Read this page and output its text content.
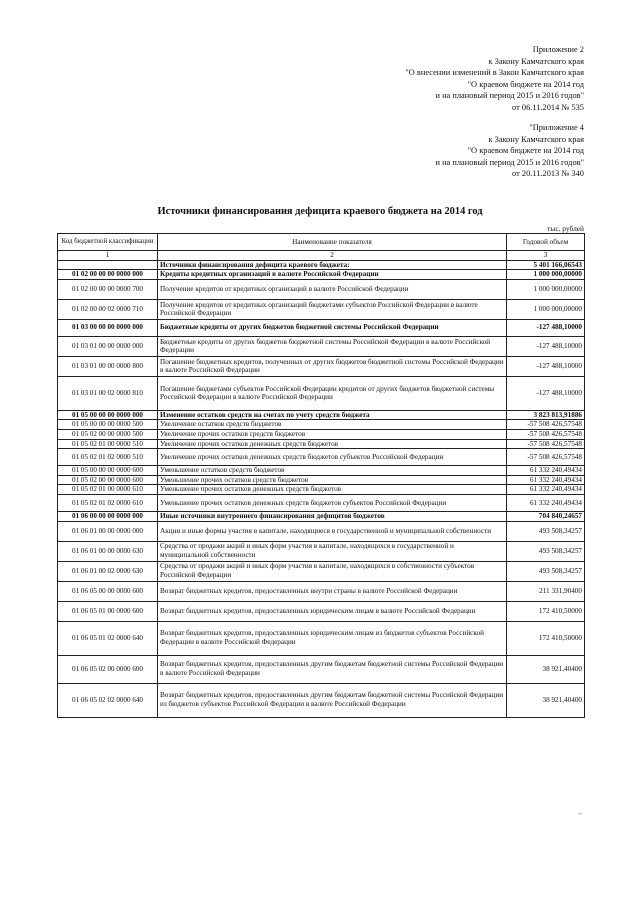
Приложение 2
к Закону Камчатского края
"О внесении изменений в Закон Камчатского края
"О краевом бюджете на 2014 год
и на плановый период 2015 и 2016 годов"
от 06.11.2014 № 535
"Приложение 4
к Закону Камчатского края
"О краевом бюджете на 2014 год
и на плановый период 2015 и 2016 годов"
от 20.11.2013 № 340
Источники финансирования дефицита краевого бюджета на 2014 год
тыс. рублей
Код бюджетной классификации	Наименование показателя	Годовой объем
1	2	3
	Источники финансирования дефицита краевого бюджета:	5 401 166,06543
01 02 00 00 00 0000 000	Кредиты кредитных организаций в валюте Российской Федерации	1 000 000,00000
01 02 00 00 00 0000 700	Получение кредитов от кредитных организаций в валюте Российской Федерации	1 000 000,00000
01 02 00 00 02 0000 710	Получение кредитов от кредитных организаций бюджетами субъектов Российской Федерации в валюте Российской Федерации	1 000 000,00000
01 03 00 00 00 0000 000	Бюджетные кредиты от других бюджетов бюджетной системы Российской Федерации	-127 488,10000
01 03 01 00 00 0000 000	Бюджетные кредиты от других бюджетов бюджетной системы Российской Федерации в валюте Российской Федерации	-127 488,10000
01 03 01 00 00 0000 800	Погашение бюджетных кредитов, полученных от других бюджетов бюджетной системы Российской Федерации в валюте Российской Федерации	-127 488,10000
01 03 01 00 02 0000 810	Погашение бюджетами субъектов Российской Федерации кредитов от других бюджетов бюджетной системы Российской Федерации в валюте Российской Федерации	-127 488,10000
01 05 00 00 00 0000 000	Изменение остатков средств на счетах по учету средств бюджета	3 823 813,91886
01 05 00 00 00 0000 500	Увеличение остатков средств бюджетов	-57 508 426,57548
01 05 02 00 00 0000 500	Увеличение прочих остатков средств бюджетов	-57 508 426,57548
01 05 02 01 00 0000 510	Увеличение прочих остатков денежных средств бюджетов	-57 508 426,57548
01 05 02 01 02 0000 510	Увеличение прочих остатков денежных средств бюджетов субъектов Российской Федерации	-57 508 426,57548
01 05 00 00 00 0000 600	Уменьшение остатков средств бюджетов	61 332 240,49434
01 05 02 00 00 0000 600	Уменьшение прочих остатков средств бюджетов	61 332 240,49434
01 05 02 01 00 0000 610	Уменьшение прочих остатков денежных средств бюджетов	61 332 240,49434
01 05 02 01 02 0000 610	Уменьшение прочих остатков денежных средств бюджетов субъектов Российской Федерации	61 332 240,49434
01 06 00 00 00 0000 000	Иные источники внутреннего финансирования дефицитов бюджетов	704 840,24657
01 06 01 00 00 0000 000	Акции и иные формы участия в капитале, находящиеся в государственной и муниципальной собственности	493 508,34257
01 06 01 00 00 0000 630	Средства от продажи акций и иных форм участия в капитале, находящихся в государственной и муниципальной собственности	493 508,34257
01 06 01 00 02 0000 630	Средства от продажи акций и иных форм участия в капитале, находящихся в собственности субъектов Российской Федерации	493 508,34257
01 06 05 00 00 0000 600	Возврат бюджетных кредитов, предоставленных внутри страны в валюте Российской Федерации	211 331,90400
01 06 05 01 00 0000 600	Возврат бюджетных кредитов, предоставленных юридическим лицам в валюте Российской Федерации	172 410,50000
01 06 05 01 02 0000 640	Возврат бюджетных кредитов, предоставленных юридическим лицам из бюджетов субъектов Российской Федерации в валюте Российской Федерации	172 410,50000
01 06 05 02 00 0000 600	Возврат бюджетных кредитов, предоставленных другим бюджетам бюджетной системы Российской Федерации в валюте Российской Федерации	38 921,40400
01 06 05 02 02 0000 640	Возврат бюджетных кредитов, предоставленных другим бюджетам бюджетной системы Российской Федерации из бюджетов субъектов Российской Федерации в валюте Российской Федерации	38 921,40400
~
